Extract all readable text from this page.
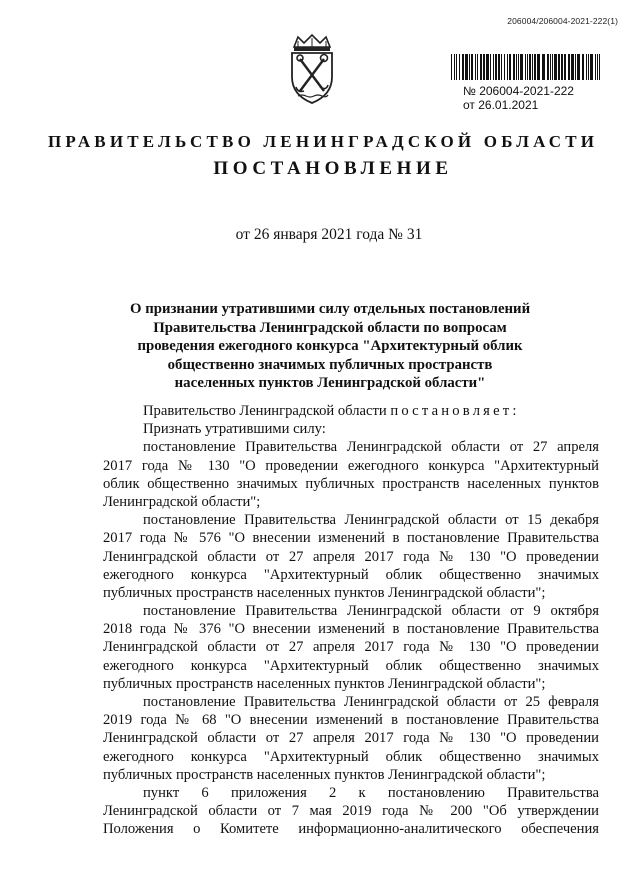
206004/206004-2021-222(1)
№ 206004-2021-222
от 26.01.2021
ПРАВИТЕЛЬСТВО ЛЕНИНГРАДСКОЙ ОБЛАСТИ
ПОСТАНОВЛЕНИЕ
от 26 января 2021 года № 31
О признании утратившими силу отдельных постановлений
Правительства Ленинградской области по вопросам
проведения ежегодного конкурса "Архитектурный облик
общественно значимых публичных пространств
населенных пунктов Ленинградской области"
Правительство Ленинградской области постановляет:
Признать утратившими силу:
постановление Правительства Ленинградской области от 27 апреля
2017 года № 130 "О проведении ежегодного конкурса "Архитектурный
облик общественно значимых публичных пространств населенных пунктов
Ленинградской области";
постановление Правительства Ленинградской области от 15 декабря
2017 года № 576 "О внесении изменений в постановление Правительства
Ленинградской области от 27 апреля 2017 года № 130 "О проведении
ежегодного конкурса "Архитектурный облик общественно значимых
публичных пространств населенных пунктов Ленинградской области";
постановление Правительства Ленинградской области от 9 октября
2018 года № 376 "О внесении изменений в постановление Правительства
Ленинградской области от 27 апреля 2017 года № 130 "О проведении
ежегодного конкурса "Архитектурный облик общественно значимых
публичных пространств населенных пунктов Ленинградской области";
постановление Правительства Ленинградской области от 25 февраля
2019 года № 68 "О внесении изменений в постановление Правительства
Ленинградской области от 27 апреля 2017 года № 130 "О проведении
ежегодного конкурса "Архитектурный облик общественно значимых
публичных пространств населенных пунктов Ленинградской области";
пункт 6 приложения 2 к постановлению Правительства
Ленинградской области от 7 мая 2019 года № 200 "Об утверждении
Положения о Комитете информационно-аналитического обеспечения
